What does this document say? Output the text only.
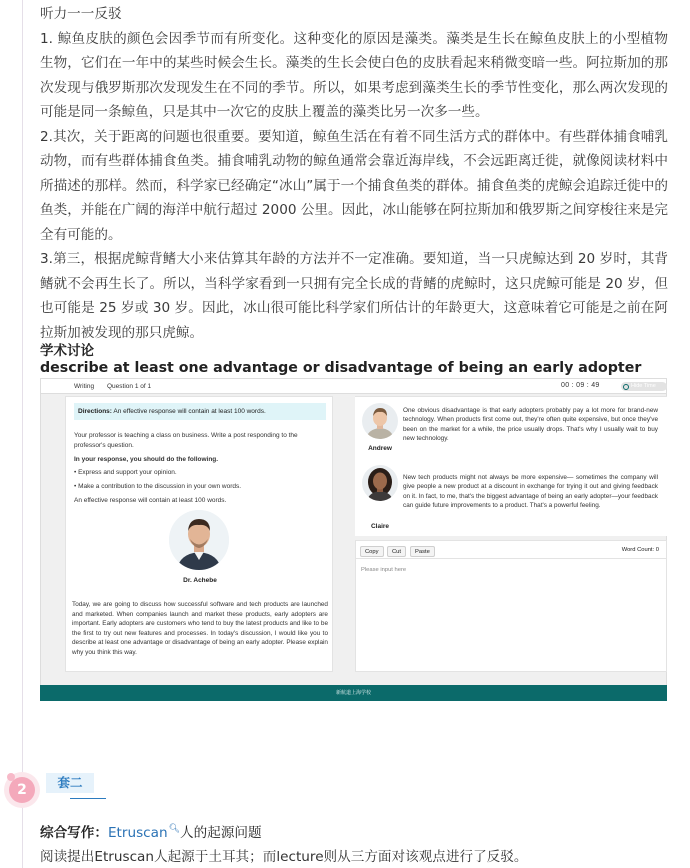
听力一一反驳

1. 鲸鱼皮肤的颜色会因季节而有所变化。这种变化的原因是藻类。藻类是生长在鲸鱼皮肤上的小型植物生物，它们在一年中的某些时候会生长。藻类的生长会使白色的皮肤看起来稍微变暗一些。阿拉斯加的那次发现与俄罗斯那次发现发生在不同的季节。所以，如果考虑到藻类生长的季节性变化，那么两次发现的可能是同一条鲸鱼，只是其中一次它的皮肤上覆盖的藻类比另一次多一些。

2.其次，关于距离的问题也很重要。要知道，鲸鱼生活在有着不同生活方式的群体中。有些群体捕食哺乳动物，而有些群体捕食鱼类。捕食哺乳动物的鲸鱼通常会靠近海岸线，不会远距离迁徙，就像阅读材料中所描述的那样。然而，科学家已经确定“冰山”属于一个捕食鱼类的群体。捕食鱼类的虎鲸会追踪迁徙中的鱼类，并能在广阔的海洋中航行超过 2000 公里。因此，冰山能够在阿拉斯加和俄罗斯之间穿梭往来是完全有可能的。

3.第三，根据虎鲸背鳍大小来估算其年龄的方法并不一定准确。要知道，当一只虎鲸达到 20 岁时，其背鳍就不会再生长了。所以，当科学家看到一只拥有完全长成的背鳍的虎鲸时，这只虎鲸可能是 20 岁，但也可能是 25 岁或 30 岁。因此，冰山很可能比科学家们所估计的年龄更大，这意味着它可能是之前在阿拉斯加被发现的那只虎鲸。

学术讨论
describe at least one advantage or disadvantage of being an early adopter
Writing Question 1 of 1	00 : 09 : 49	Hide Time
Directions: An effective response will contain at least 100 words.
Your professor is teaching a class on business. Write a post responding to the professor's question.
In your response, you should do the following.
• Express and support your opinion.
• Make a contribution to the discussion in your own words.
An effective response will contain at least 100 words.
Dr. Achebe
Today, we are going to discuss how successful software and tech products are launched and marketed. When companies launch and market these products, early adopters are important. Early adopters are customers who tend to buy the latest products and like to be the first to try out new features and processes. In today's discussion, I would like you to describe at least one advantage or disadvantage of being an early adopter. Please explain why you think this way.
Andrew
One obvious disadvantage is that early adopters probably pay a lot more for brand-new technology. When products first come out, they're often quite expensive, but once they've been on the market for a while, the price usually drops. That's why I usually wait to buy new technology.
Claire
New tech products might not always be more expensive— sometimes the company will give people a new product at a discount in exchange for trying it out and giving feedback on it. In fact, to me, that's the biggest advantage of being an early adopter—your feedback can guide future improvements to a product. That's a powerful feeling.
Copy	Cut	Paste	Word Count: 0
Please input here
新航道上海学校
2	套二
综合写作：Etruscan🔍︎人的起源问题
阅读提出Etruscan人起源于土耳其；而lecture则从三方面对该观点进行了反驳。
